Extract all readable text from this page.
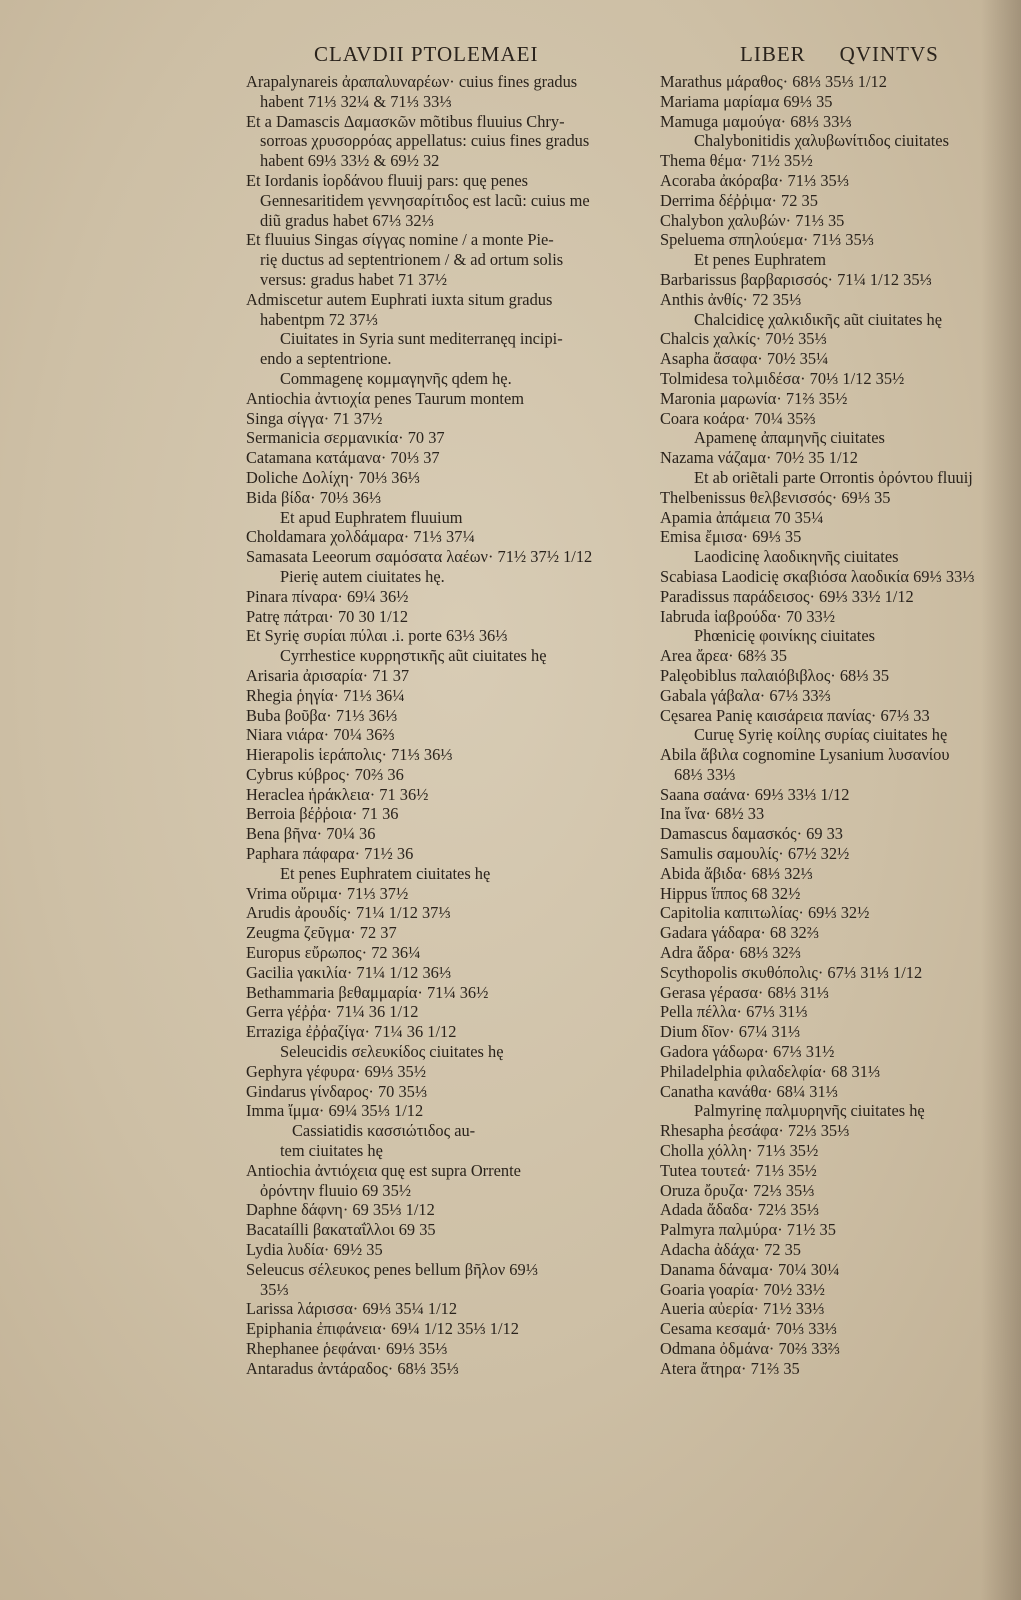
CLAVDII PTOLEMAEI	LIBER QVINTVS
Arapalynareis ἀραπαλυναρέων· cuius fines gradus
habent 71⅓ 32¼ & 71⅓ 33⅓
Et a Damascis Δαμασκῶν mõtibus fluuius Chry-
sorroas χρυσορρόας appellatus: cuius fines gradus
habent 69⅓ 33½ & 69½ 32
Et Iordanis ἰορδάνου fluuij pars: quę penes
Gennesaritidem γεννησαρίτιδος est lacũ: cuius me
diũ gradus habet 67⅓ 32⅓
Et fluuius Singas σίγγας nomine / a monte Pie-
rię ductus ad septentrionem / & ad ortum solis
versus: gradus habet 71 37½
Admiscetur autem Euphrati iuxta situm gradus
habentpm 72 37⅓
Ciuitates in Syria sunt mediterranęq incipi-
endo a septentrione.
Commagenę κομμαγηνῆς qdem hę.
Antiochia ἀντιοχία penes Taurum montem
Singa σίγγα· 71 37½
Sermanicia σερμανικία· 70 37
Catamana κατάμανα· 70⅓ 37
Doliche Δολίχη· 70⅓ 36⅓
Bida βίδα· 70⅓ 36⅓
Et apud Euphratem fluuium
Choldamara χολδάμαρα· 71⅓ 37¼
Samasata Leeorum σαμόσατα λαέων· 71½ 37½ 1/12
Pierię autem ciuitates hę.
Pinara πίναρα· 69¼ 36½
Patrę πάτραι· 70 30 1/12
Et Syrię συρίαι πύλαι .i. porte 63⅓ 36⅓
Cyrrhestice κυρρηστικῆς aũt ciuitates hę
Arisaria ἀρισαρία· 71 37
Rhegia ῥηγία· 71⅓ 36¼
Buba βοῦβα· 71⅓ 36⅓
Niara νιάρα· 70¼ 36⅔
Hierapolis ἱεράπολις· 71⅓ 36⅓
Cybrus κύβρος· 70⅔ 36
Heraclea ἡράκλεια· 71 36½
Berroia βέῤῥοια· 71 36
Bena βῆνα· 70¼ 36
Paphara πάφαρα· 71½ 36
Et penes Euphratem ciuitates hę
Vrima οὔριμα· 71⅓ 37½
Arudis ἀρουδίς· 71¼ 1/12 37⅓
Zeugma ζεῦγμα· 72 37
Europus εὔρωπος· 72 36¼
Gacilia γακιλία· 71¼ 1/12 36⅓
Bethammaria βεθαμμαρία· 71¼ 36½
Gerra γέῤῥα· 71¼ 36 1/12
Erraziga ἐῤῥαζίγα· 71¼ 36 1/12
Seleucidis σελευκίδος ciuitates hę
Gephyra γέφυρα· 69⅓ 35½
Gindarus γίνδαρος· 70 35⅓
Imma ἴμμα· 69¼ 35⅓ 1/12
Cassiatidis κασσιώτιδος au-
tem ciuitates hę
Antiochia ἀντιόχεια quę est supra Orrente
ὀρόντην fluuio 69 35½
Daphne δάφνη· 69 35⅓ 1/12
Bacataílli βακαταΐλλοι 69 35
Lydia λυδία· 69½ 35
Seleucus σέλευκος penes bellum βῆλον 69⅓
35⅓
Larissa λάρισσα· 69⅓ 35¼ 1/12
Epiphania ἐπιφάνεια· 69¼ 1/12 35⅓ 1/12
Rhephanee ῥεφάναι· 69⅓ 35⅓
Antaradus ἀντάραδος· 68⅓ 35⅓
Marathus μάραθος· 68⅓ 35⅓ 1/12
Mariama μαρίαμα 69⅓ 35
Mamuga μαμούγα· 68⅓ 33⅓
Chalybonitidis χαλυβωνίτιδος ciuitates
Thema θέμα· 71½ 35½
Acoraba ἀκόραβα· 71⅓ 35⅓
Derrima δέῤῥιμα· 72 35
Chalybon χαλυβών· 71⅓ 35
Speluema σπηλούεμα· 71⅓ 35⅓
Et penes Euphratem
Barbarissus βαρβαρισσός· 71¼ 1/12 35⅓
Anthis ἀνθίς· 72 35⅓
Chalcidicę χαλκιδικῆς aũt ciuitates hę
Chalcis χαλκίς· 70½ 35⅓
Asapha ἄσαφα· 70½ 35¼
Tolmidesa τολμιδέσα· 70⅓ 1/12 35½
Maronia μαρωνία· 71⅔ 35½
Coara κοάρα· 70¼ 35⅔
Apamenę ἀπαμηνῆς ciuitates
Nazama νάζαμα· 70½ 35 1/12
Et ab oriẽtali parte Orrontis ὀρόντου fluuij
Thelbenissus θελβενισσός· 69⅓ 35
Apamia ἀπάμεια 70 35¼
Emisa ἔμισα· 69⅓ 35
Laodicinę λαοδικηνῆς ciuitates
Scabiasa Laodicię σκαβιόσα λαοδικία 69⅓ 33⅓
Paradissus παράδεισος· 69⅓ 33½ 1/12
Iabruda ἰαβρούδα· 70 33½
Phœnicię φοινίκης ciuitates
Area ἄρεα· 68⅔ 35
Palęobiblus παλαιόβιβλος· 68⅓ 35
Gabala γάβαλα· 67⅓ 33⅔
Cęsarea Panię καισάρεια πανίας· 67⅓ 33
Curuę Syrię κοίλης συρίας ciuitates hę
Abila ἄβιλα cognomine Lysanium λυσανίου
68⅓ 33⅓
Saana σαάνα· 69⅓ 33⅓ 1/12
Ina ἴνα· 68½ 33
Damascus δαμασκός· 69 33
Samulis σαμουλίς· 67½ 32½
Abida ἄβιδα· 68⅓ 32⅓
Hippus ἵππος 68 32½
Capitolia καπιτωλίας· 69⅓ 32½
Gadara γάδαρα· 68 32⅔
Adra ἄδρα· 68⅓ 32⅔
Scythopolis σκυθόπολις· 67⅓ 31⅓ 1/12
Gerasa γέρασα· 68⅓ 31⅓
Pella πέλλα· 67⅓ 31⅓
Dium δῖον· 67¼ 31⅓
Gadora γάδωρα· 67⅓ 31½
Philadelphia φιλαδελφία· 68 31⅓
Canatha κανάθα· 68¼ 31⅓
Palmyrinę παλμυρηνῆς ciuitates hę
Rhesapha ῥεσάφα· 72⅓ 35⅓
Cholla χόλλη· 71⅓ 35½
Tutea τουτεά· 71⅓ 35½
Oruza ὄρυζα· 72⅓ 35⅓
Adada ἄδαδα· 72⅓ 35⅓
Palmyra παλμύρα· 71½ 35
Adacha ἀδάχα· 72 35
Danama δάναμα· 70¼ 30¼
Goaria γοαρία· 70½ 33½
Aueria αὐερία· 71½ 33⅓
Cesama κεσαμά· 70⅓ 33⅓
Odmana ὀδμάνα· 70⅔ 33⅔
Atera ἄτηρα· 71⅔ 35
